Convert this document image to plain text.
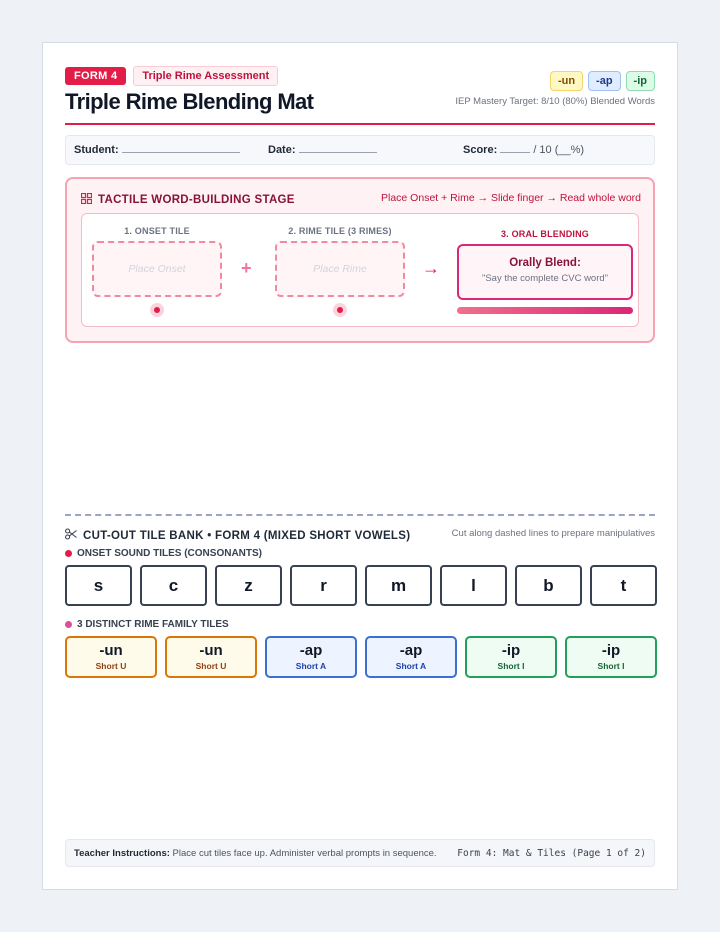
FORM 4	Triple Rime Assessment
Triple Rime Blending Mat
-un	-ap	-ip
IEP Mastery Target: 8/10 (80%) Blended Words
Student:	Date:	Score:	/ 10 (__%)
TACTILE WORD-BUILDING STAGE	Place Onset + Rime → Slide finger → Read whole word
1. ONSET TILE
Place Onset	+
2. RIME TILE (3 RIMES)
Place Rime	→
3. ORAL BLENDING
Orally Blend:
"Say the complete CVC word"
CUT-OUT TILE BANK • FORM 4 (MIXED SHORT VOWELS)	Cut along dashed lines to prepare manipulatives
ONSET SOUND TILES (CONSONANTS)
s	c	z	r	m	l	b	t
3 DISTINCT RIME FAMILY TILES
-un
Short U
-un
Short U
-ap
Short A
-ap
Short A
-ip
Short I
-ip
Short I
Teacher Instructions: Place cut tiles face up. Administer verbal prompts in sequence. Form 4: Mat & Tiles (Page 1 of 2)
